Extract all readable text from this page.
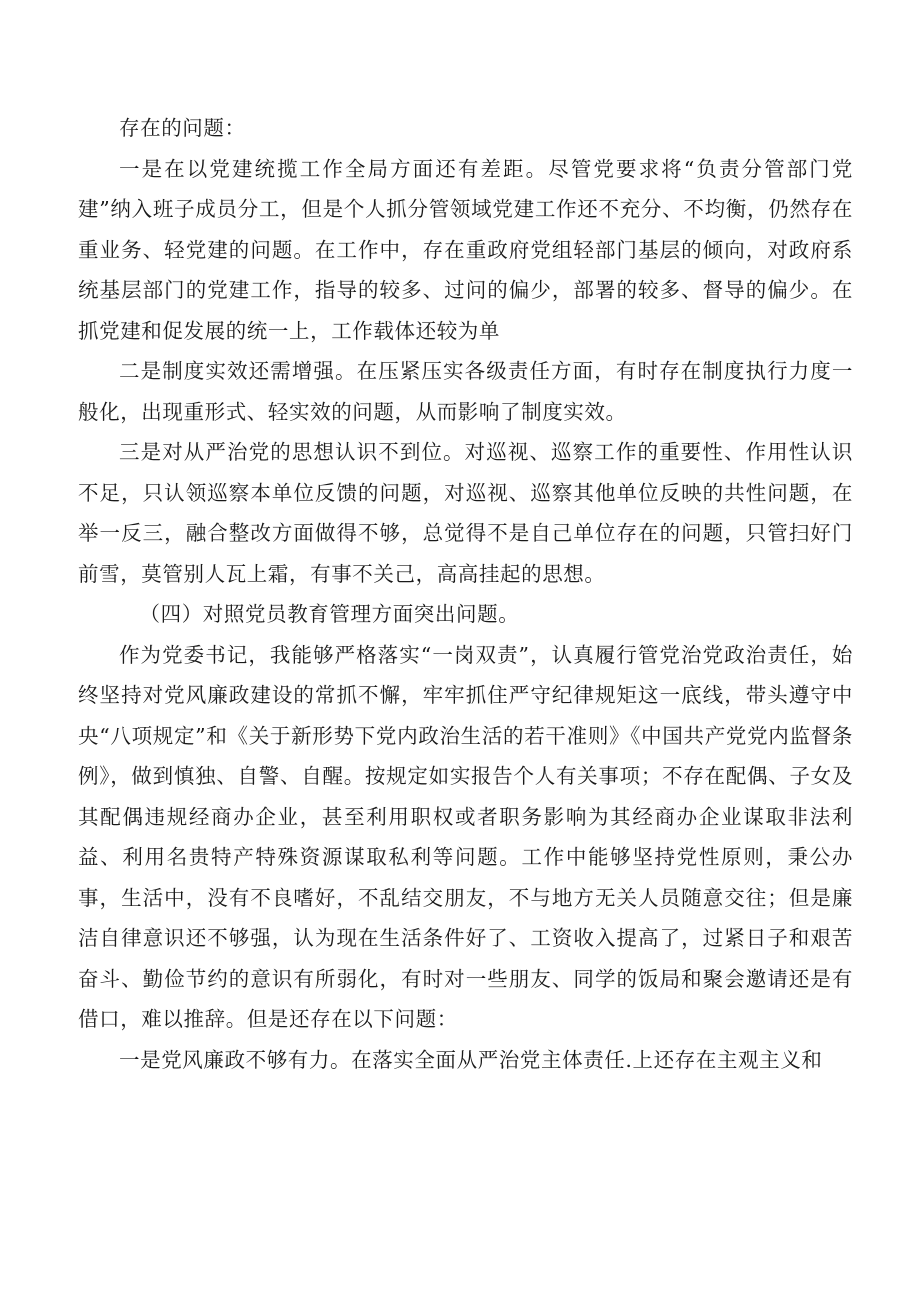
存在的问题：

一是在以党建统揽工作全局方面还有差距。尽管党要求将“负责分管部门党建”纳入班子成员分工，但是个人抓分管领域党建工作还不充分、不均衡，仍然存在重业务、轻党建的问题。在工作中，存在重政府党组轻部门基层的倾向，对政府系统基层部门的党建工作，指导的较多、过问的偏少，部署的较多、督导的偏少。在抓党建和促发展的统一上，工作载体还较为单

二是制度实效还需增强。在压紧压实各级责任方面，有时存在制度执行力度一般化，出现重形式、轻实效的问题，从而影响了制度实效。

三是对从严治党的思想认识不到位。对巡视、巡察工作的重要性、作用性认识不足，只认领巡察本单位反馈的问题，对巡视、巡察其他单位反映的共性问题，在举一反三，融合整改方面做得不够，总觉得不是自己单位存在的问题，只管扫好门前雪，莫管别人瓦上霜，有事不关己，高高挂起的思想。

（四）对照党员教育管理方面突出问题。

作为党委书记，我能够严格落实“一岗双责”，认真履行管党治党政治责任，始终坚持对党风廉政建设的常抓不懈，牢牢抓住严守纪律规矩这一底线，带头遵守中央“八项规定”和《关于新形势下党内政治生活的若干准则》《中国共产党党内监督条例》，做到慎独、自警、自醒。按规定如实报告个人有关事项；不存在配偶、子女及其配偶违规经商办企业，甚至利用职权或者职务影响为其经商办企业谋取非法利益、利用名贵特产特殊资源谋取私利等问题。工作中能够坚持党性原则，秉公办事，生活中，没有不良嗜好，不乱结交朋友，不与地方无关人员随意交往；但是廉洁自律意识还不够强，认为现在生活条件好了、工资收入提高了，过紧日子和艰苦奋斗、勤俭节约的意识有所弱化，有时对一些朋友、同学的饭局和聚会邀请还是有借口，难以推辞。但是还存在以下问题：

一是党风廉政不够有力。在落实全面从严治党主体责任.上还存在主观主义和
